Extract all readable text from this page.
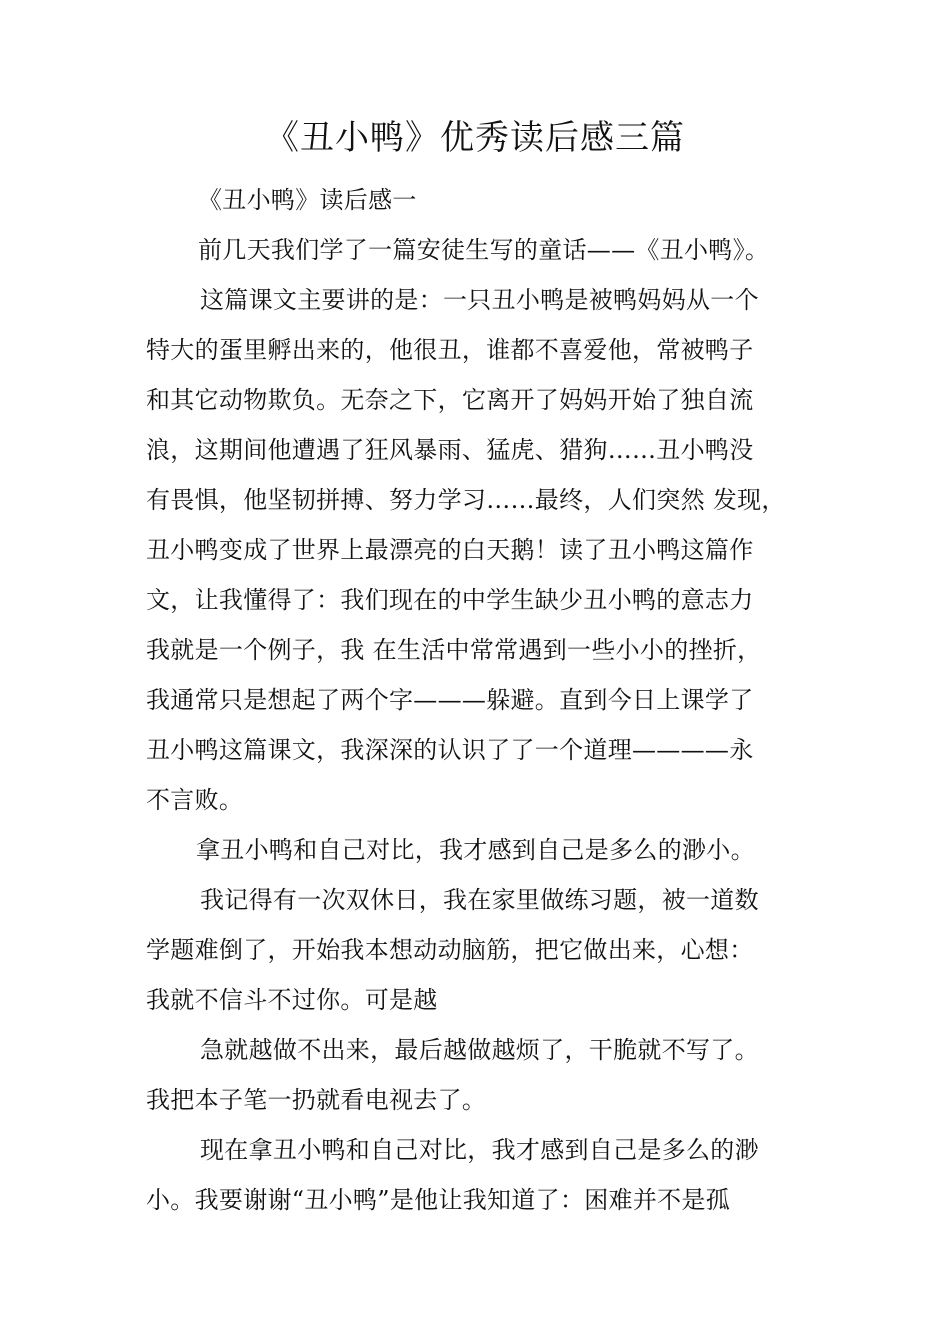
《丑小鸭》优秀读后感三篇
《丑小鸭》读后感一
前几天我们学了一篇安徒生写的童话——《丑小鸭》。
这篇课文主要讲的是：一只丑小鸭是被鸭妈妈从一个
特大的蛋里孵出来的，他很丑，谁都不喜爱他，常被鸭子
和其它动物欺负。无奈之下，它离开了妈妈开始了独自流
浪，这期间他遭遇了狂风暴雨、猛虎、猎狗……丑小鸭没
有畏惧，他坚韧拼搏、努力学习……最终，人们突然 发现，
丑小鸭变成了世界上最漂亮的白天鹅！读了丑小鸭这篇作
文，让我懂得了：我们现在的中学生缺少丑小鸭的意志力
我就是一个例子，我 在生活中常常遇到一些小小的挫折，
我通常只是想起了两个字———躲避。直到今日上课学了
丑小鸭这篇课文，我深深的认识了了一个道理————永
不言败。
拿丑小鸭和自己对比，我才感到自己是多么的渺小。
我记得有一次双休日，我在家里做练习题，被一道数
学题难倒了，开始我本想动动脑筋，把它做出来，心想：
我就不信斗不过你。可是越
急就越做不出来，最后越做越烦了，干脆就不写了。
我把本子笔一扔就看电视去了。
现在拿丑小鸭和自己对比，我才感到自己是多么的渺
小。我要谢谢“丑小鸭”是他让我知道了：困难并不是孤
